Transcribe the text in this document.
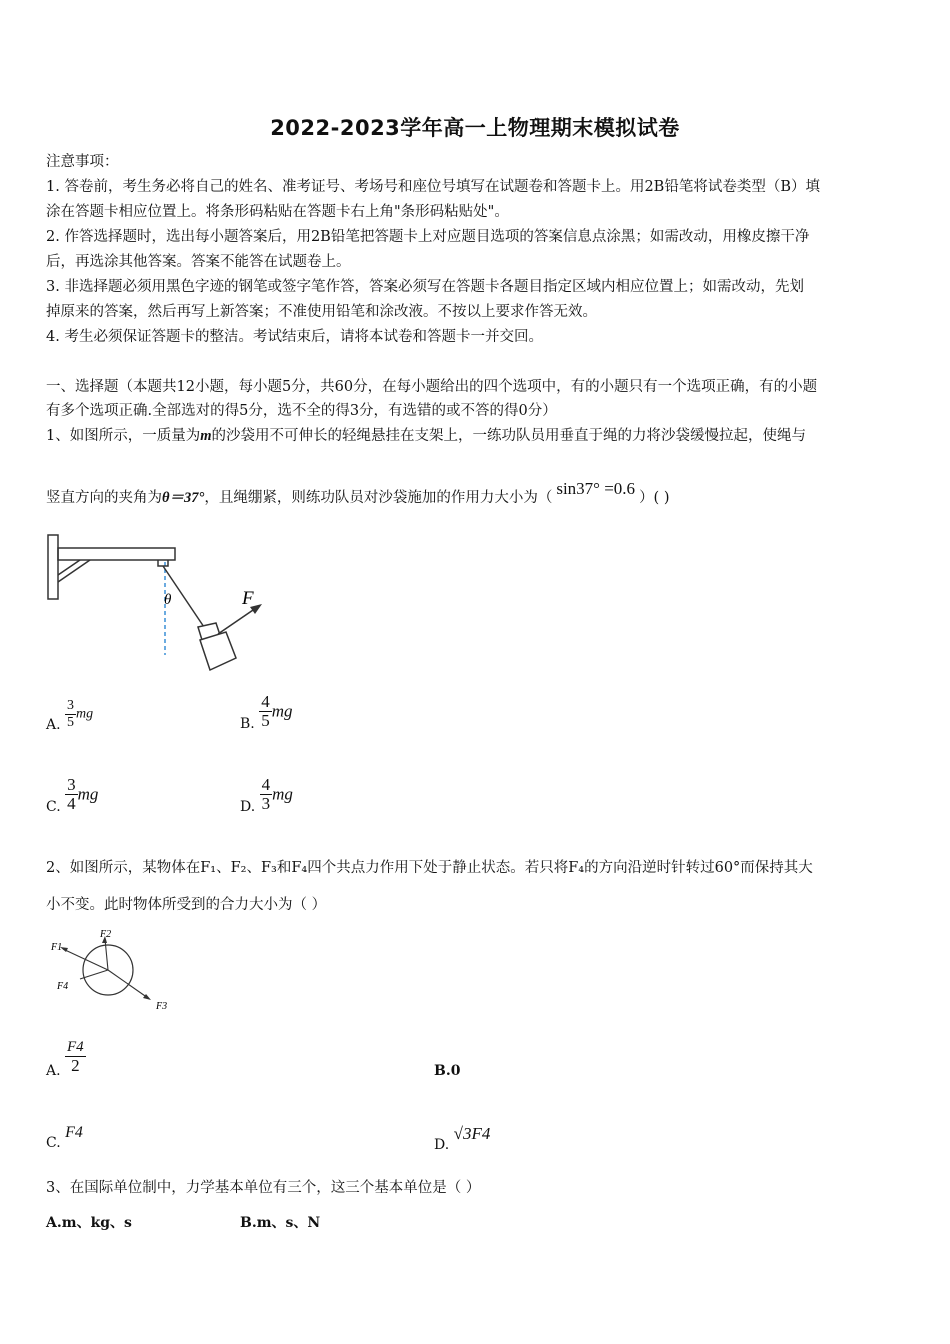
2022-2023学年高一上物理期末模拟试卷
注意事项：
1. 答卷前，考生务必将自己的姓名、准考证号、考场号和座位号填写在试题卷和答题卡上。用2B铅笔将试卷类型（B）填
涂在答题卡相应位置上。将条形码粘贴在答题卡右上角"条形码粘贴处"。
2. 作答选择题时，选出每小题答案后，用2B铅笔把答题卡上对应题目选项的答案信息点涂黑；如需改动，用橡皮擦干净
后，再选涂其他答案。答案不能答在试题卷上。
3. 非选择题必须用黑色字迹的钢笔或签字笔作答，答案必须写在答题卡各题目指定区域内相应位置上；如需改动，先划
掉原来的答案，然后再写上新答案；不准使用铅笔和涂改液。不按以上要求作答无效。
4. 考生必须保证答题卡的整洁。考试结束后，请将本试卷和答题卡一并交回。
一、选择题（本题共12小题，每小题5分，共60分，在每小题给出的四个选项中，有的小题只有一个选项正确，有的小题
有多个选项正确.全部选对的得5分，选不全的得3分，有选错的或不答的得0分）
1、如图所示，一质量为m的沙袋用不可伸长的轻绳悬挂在支架上，一练功队员用垂直于绳的力将沙袋缓慢拉起，使绳与
竖直方向的夹角为θ＝37°，且绳绷紧，则练功队员对沙袋施加的作用力大小为（ sin37° =0.6 ）( )
θ	F
A. $\frac{3}{5}$ mg
B. $\frac{4}{5}$ mg
C. $\frac{3}{4}$ mg
D. $\frac{4}{3}$ mg
2、如图所示，某物体在F₁、F₂、F₃和F₄四个共点力作用下处于静止状态。若只将F₄的方向沿逆时针转过60°而保持其大
小不变。此时物体所受到的合力大小为（ ）
F1
F2
F4
F3
A. $\frac{F4}{2}$	B.0
C. F4
D. √3F4
3、在国际单位制中，力学基本单位有三个，这三个基本单位是（ ）
A.m、kg、s	B.m、s、N
